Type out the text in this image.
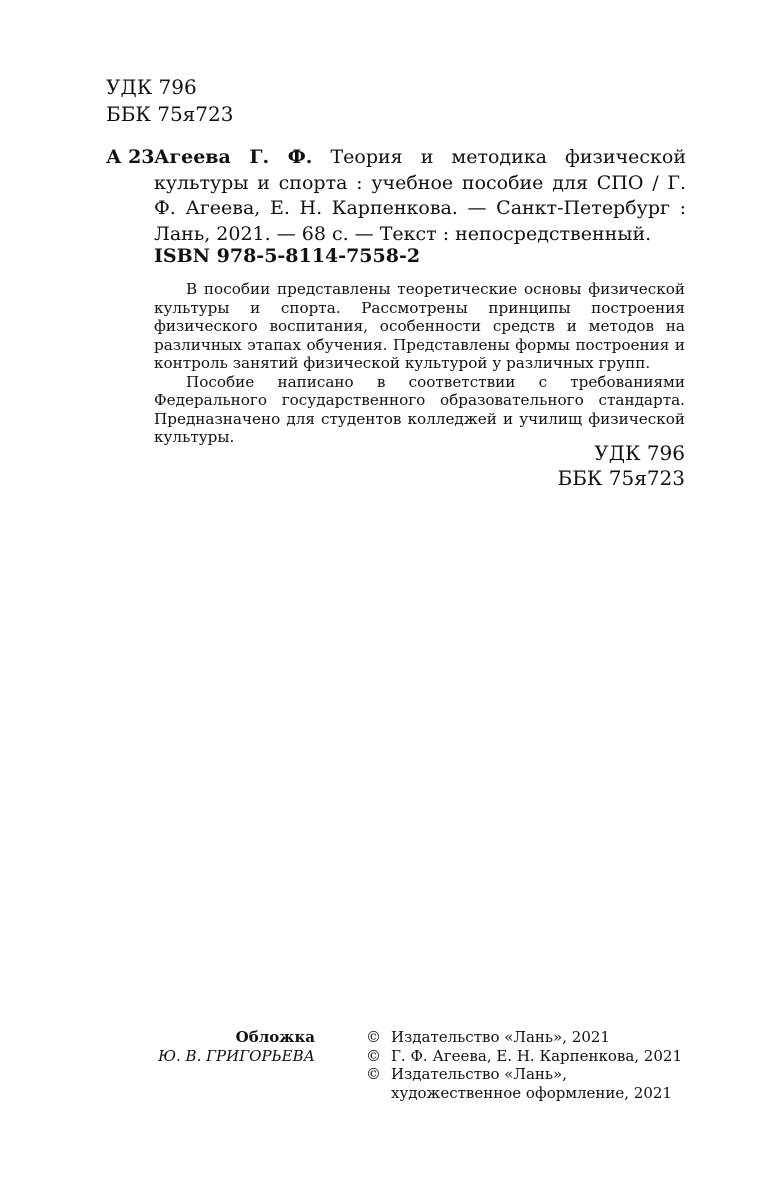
УДК 796
ББК 75я723
А 23 Агеева Г. Ф. Теория и методика физической культуры и спорта : учебное пособие для СПО / Г. Ф. Агеева, Е. Н. Карпенкова. — Санкт-Петербург : Лань, 2021. — 68 с. — Текст : непосредственный.
ISBN 978-5-8114-7558-2

В пособии представлены теоретические основы физической культуры и спорта. Рассмотрены принципы построения физического воспитания, особенности средств и методов на различных этапах обучения. Представлены формы построения и контроль занятий физической культурой у различных групп.

Пособие написано в соответствии с требованиями Федерального государственного образовательного стандарта. Предназначено для студентов колледжей и училищ физической культуры.

УДК 796
ББК 75я723
Обложка
Ю. В. ГРИГОРЬЕВА
© Издательство «Лань», 2021
© Г. Ф. Агеева, Е. Н. Карпенкова, 2021
© Издательство «Лань»,
художественное оформление, 2021
